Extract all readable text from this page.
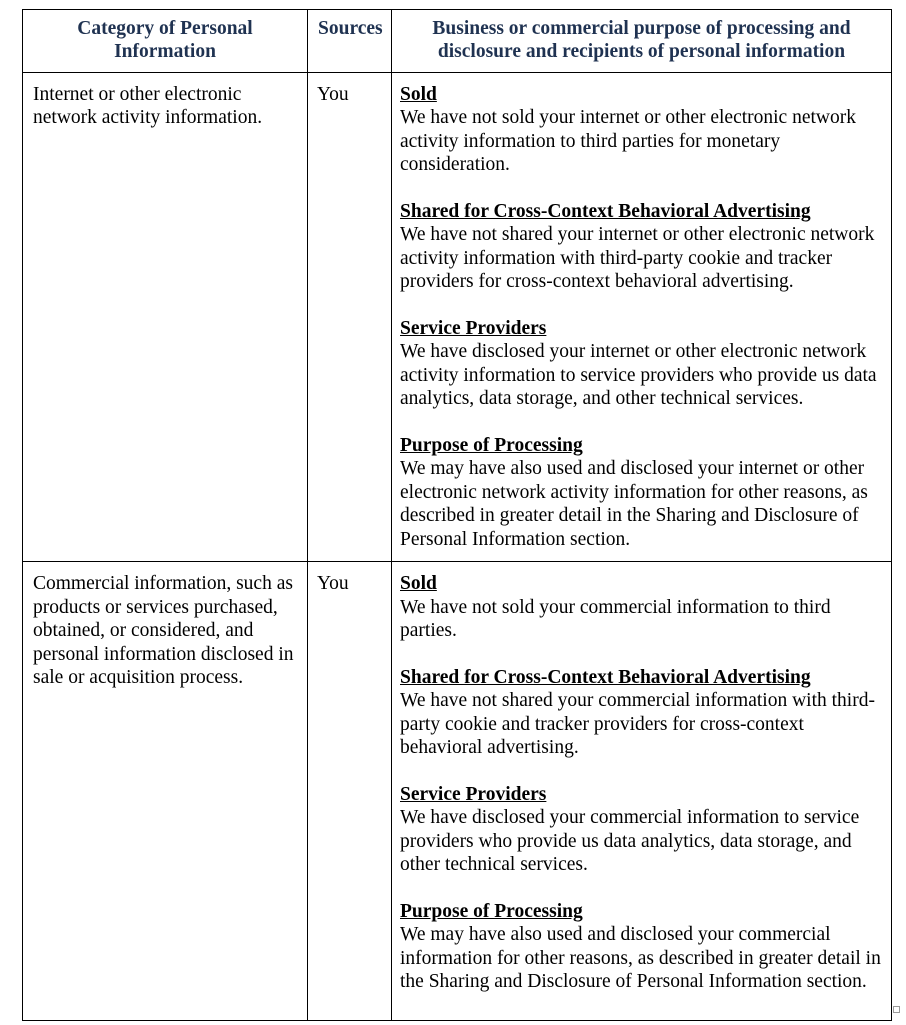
Category of Personal Information	Sources	Business or commercial purpose of processing and disclosure and recipients of personal information
Internet or other electronic network activity information.	You	Sold
We have not sold your internet or other electronic network activity information to third parties for monetary consideration.
Shared for Cross-Context Behavioral Advertising
We have not shared your internet or other electronic network activity information with third-party cookie and tracker providers for cross-context behavioral advertising.
Service Providers
We have disclosed your internet or other electronic network activity information to service providers who provide us data analytics, data storage, and other technical services.
Purpose of Processing
We may have also used and disclosed your internet or other electronic network activity information for other reasons, as described in greater detail in the Sharing and Disclosure of Personal Information section.

Commercial information, such as products or services purchased, obtained, or considered, and personal information disclosed in sale or acquisition process.	You	Sold
We have not sold your commercial information to third parties.
Shared for Cross-Context Behavioral Advertising
We have not shared your commercial information with third-party cookie and tracker providers for cross-context behavioral advertising.
Service Providers
We have disclosed your commercial information to service providers who provide us data analytics, data storage, and other technical services.
Purpose of Processing
We may have also used and disclosed your commercial information for other reasons, as described in greater detail in the Sharing and Disclosure of Personal Information section.
